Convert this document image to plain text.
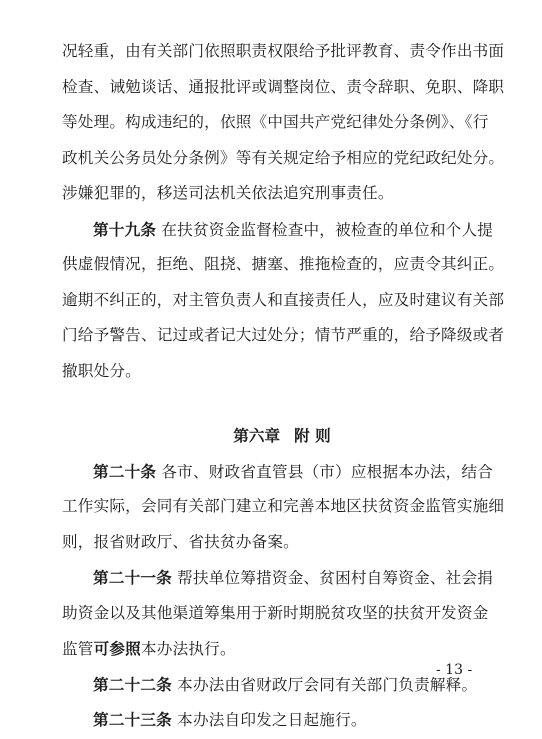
况轻重，由有关部门依照职责权限给予批评教育、责令作出书面
检查、诫勉谈话、通报批评或调整岗位、责令辞职、免职、降职
等处理。构成违纪的，依照《中国共产党纪律处分条例》、《行
政机关公务员处分条例》等有关规定给予相应的党纪政纪处分。
涉嫌犯罪的，移送司法机关依法追究刑事责任。
第十九条 在扶贫资金监督检查中，被检查的单位和个人提
供虚假情况，拒绝、阻挠、搪塞、推拖检查的，应责令其纠正。
逾期不纠正的，对主管负责人和直接责任人，应及时建议有关部
门给予警告、记过或者记大过处分；情节严重的，给予降级或者
撤职处分。
第六章 附 则
第二十条 各市、财政省直管县（市）应根据本办法，结合
工作实际，会同有关部门建立和完善本地区扶贫资金监管实施细
则，报省财政厅、省扶贫办备案。
第二十一条 帮扶单位筹措资金、贫困村自筹资金、社会捐
助资金以及其他渠道筹集用于新时期脱贫攻坚的扶贫开发资金
监管可参照本办法执行。
第二十二条 本办法由省财政厅会同有关部门负责解释。
第二十三条 本办法自印发之日起施行。
- 13 -
